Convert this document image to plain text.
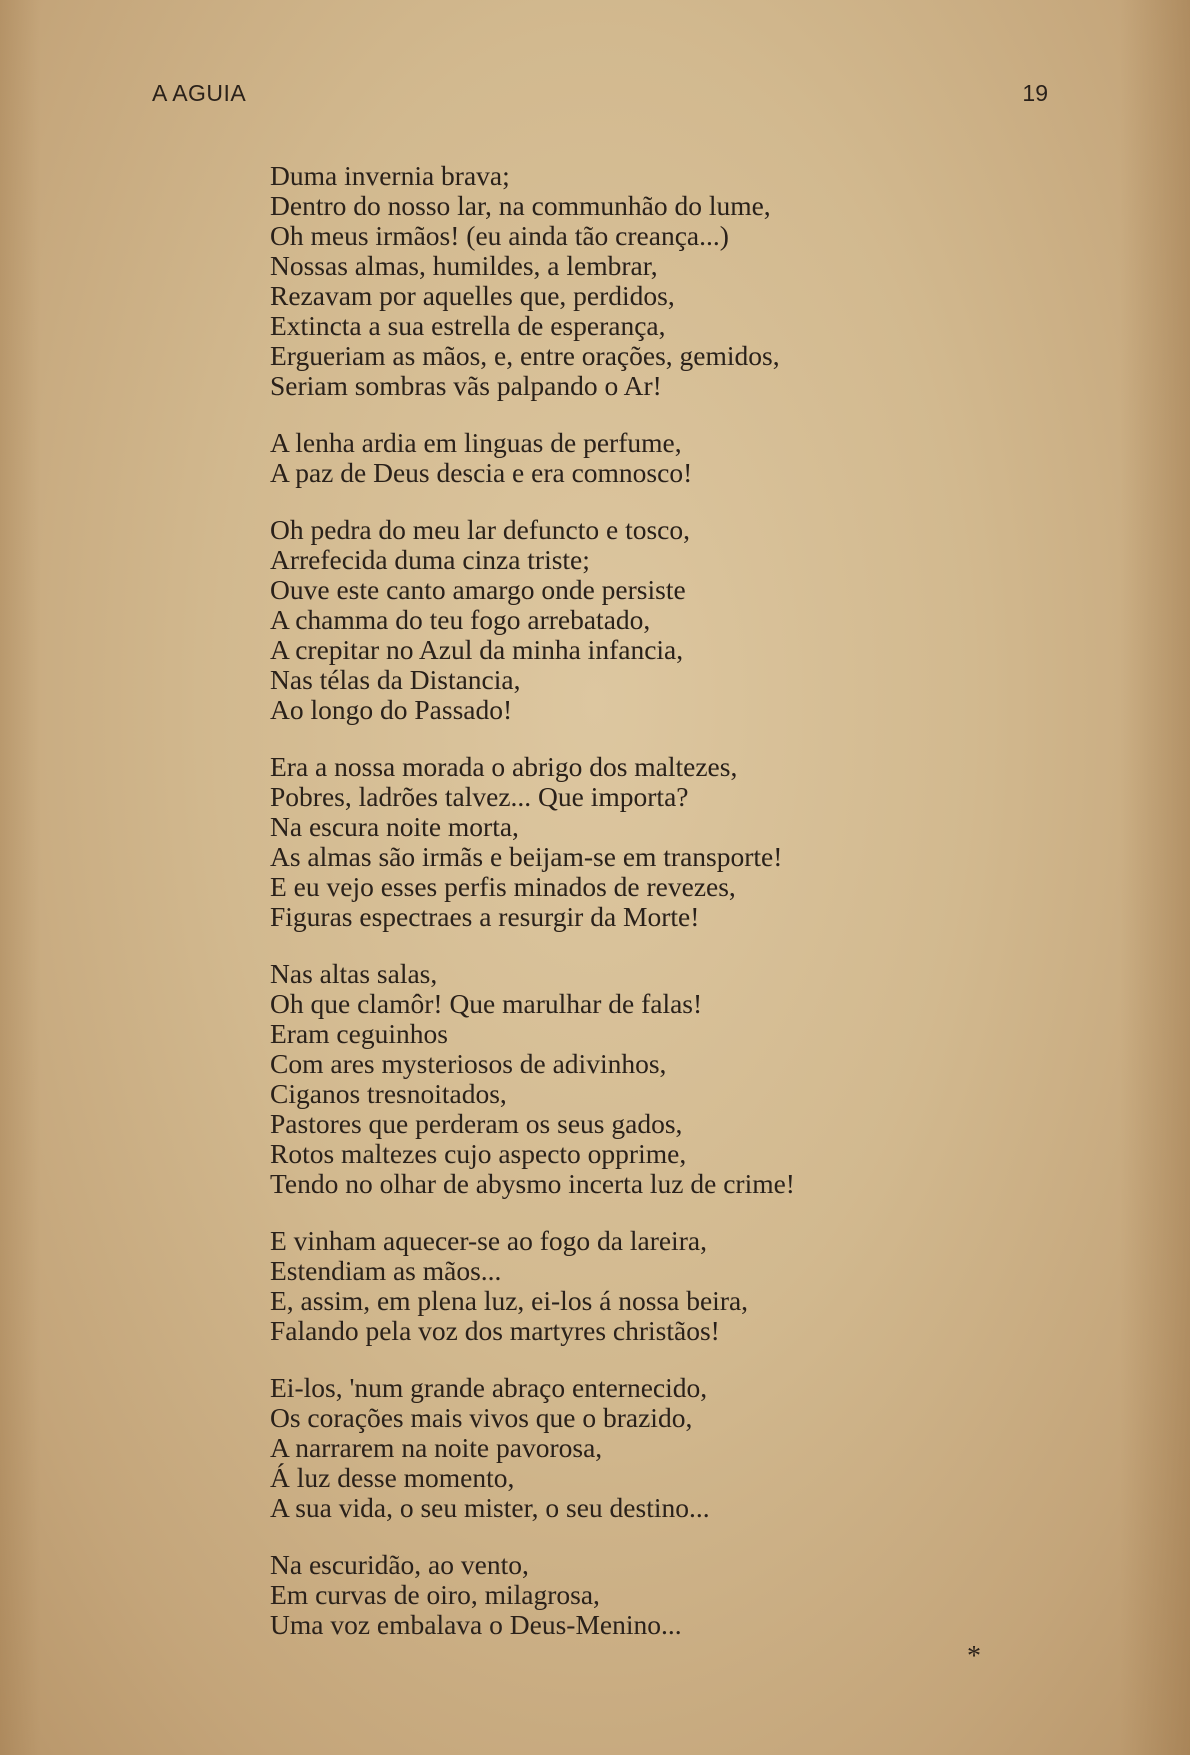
A AGUIA	19
Duma invernia brava;
Dentro do nosso lar, na communhão do lume,
Oh meus irmãos! (eu ainda tão creança...)
Nossas almas, humildes, a lembrar,
Rezavam por aquelles que, perdidos,
Extincta a sua estrella de esperança,
Ergueriam as mãos, e, entre orações, gemidos,
Seriam sombras vãs palpando o Ar!
A lenha ardia em linguas de perfume,
A paz de Deus descia e era comnosco!
Oh pedra do meu lar defuncto e tosco,
Arrefecida duma cinza triste;
Ouve este canto amargo onde persiste
A chamma do teu fogo arrebatado,
A crepitar no Azul da minha infancia,
Nas télas da Distancia,
Ao longo do Passado!
Era a nossa morada o abrigo dos maltezes,
Pobres, ladrões talvez... Que importa?
Na escura noite morta,
As almas são irmãs e beijam-se em transporte!
E eu vejo esses perfis minados de revezes,
Figuras espectraes a resurgir da Morte!
Nas altas salas,
Oh que clamôr! Que marulhar de falas!
Eram ceguinhos
Com ares mysteriosos de adivinhos,
Ciganos tresnoitados,
Pastores que perderam os seus gados,
Rotos maltezes cujo aspecto opprime,
Tendo no olhar de abysmo incerta luz de crime!
E vinham aquecer-se ao fogo da lareira,
Estendiam as mãos...
E, assim, em plena luz, ei-los á nossa beira,
Falando pela voz dos martyres christãos!
Ei-los, 'num grande abraço enternecido,
Os corações mais vivos que o brazido,
A narrarem na noite pavorosa,
Á luz desse momento,
A sua vida, o seu mister, o seu destino...
Na escuridão, ao vento,
Em curvas de oiro, milagrosa,
Uma voz embalava o Deus-Menino...
*
